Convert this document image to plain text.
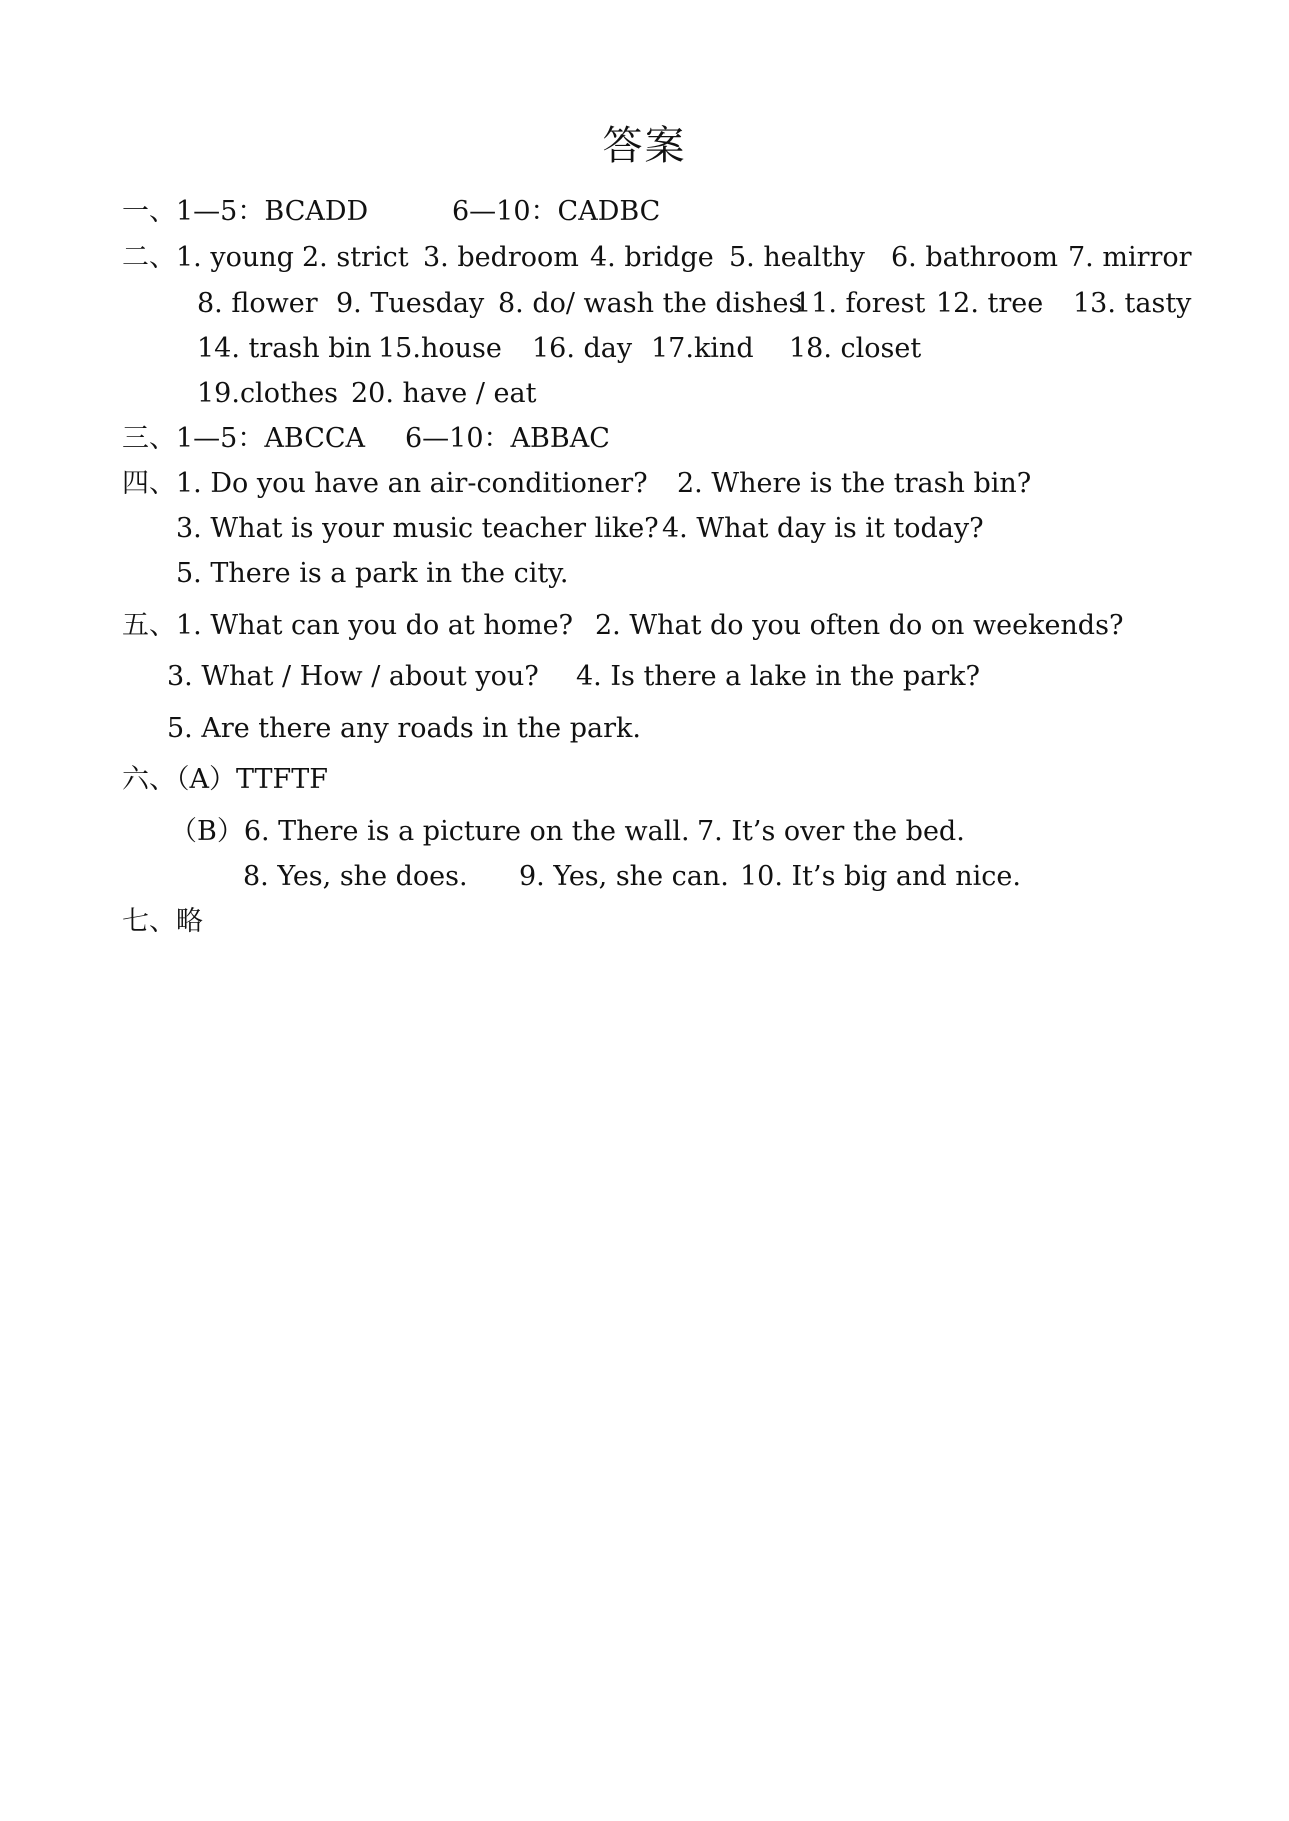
答案
一、1—5：BCADD	6—10：CADBC
二、1. young 2. strict 3. bedroom 4. bridge 5. healthy 6. bathroom 7. mirror
8. flower 9. Tuesday 8. do/ wash the dishes
11. forest 12. tree 13. tasty
14. trash bin 15.house 16. day 17.kind 18. closet
19.clothes 20. have / eat
三、1—5：ABCCA 6—10：ABBAC
四、1. Do you have an air-conditioner? 2. Where is the trash bin?
3. What is your music teacher like? 4. What day is it today?
5. There is a park in the city.
五、1. What can you do at home? 2. What do you often do on weekends?
3. What / How / about you? 4. Is there a lake in the park?
5. Are there any roads in the park.
六、（A）TTFTF
（B）6. There is a picture on the wall. 7. It’s over the bed.
8. Yes, she does. 9. Yes, she can. 10. It’s big and nice.
七、略
